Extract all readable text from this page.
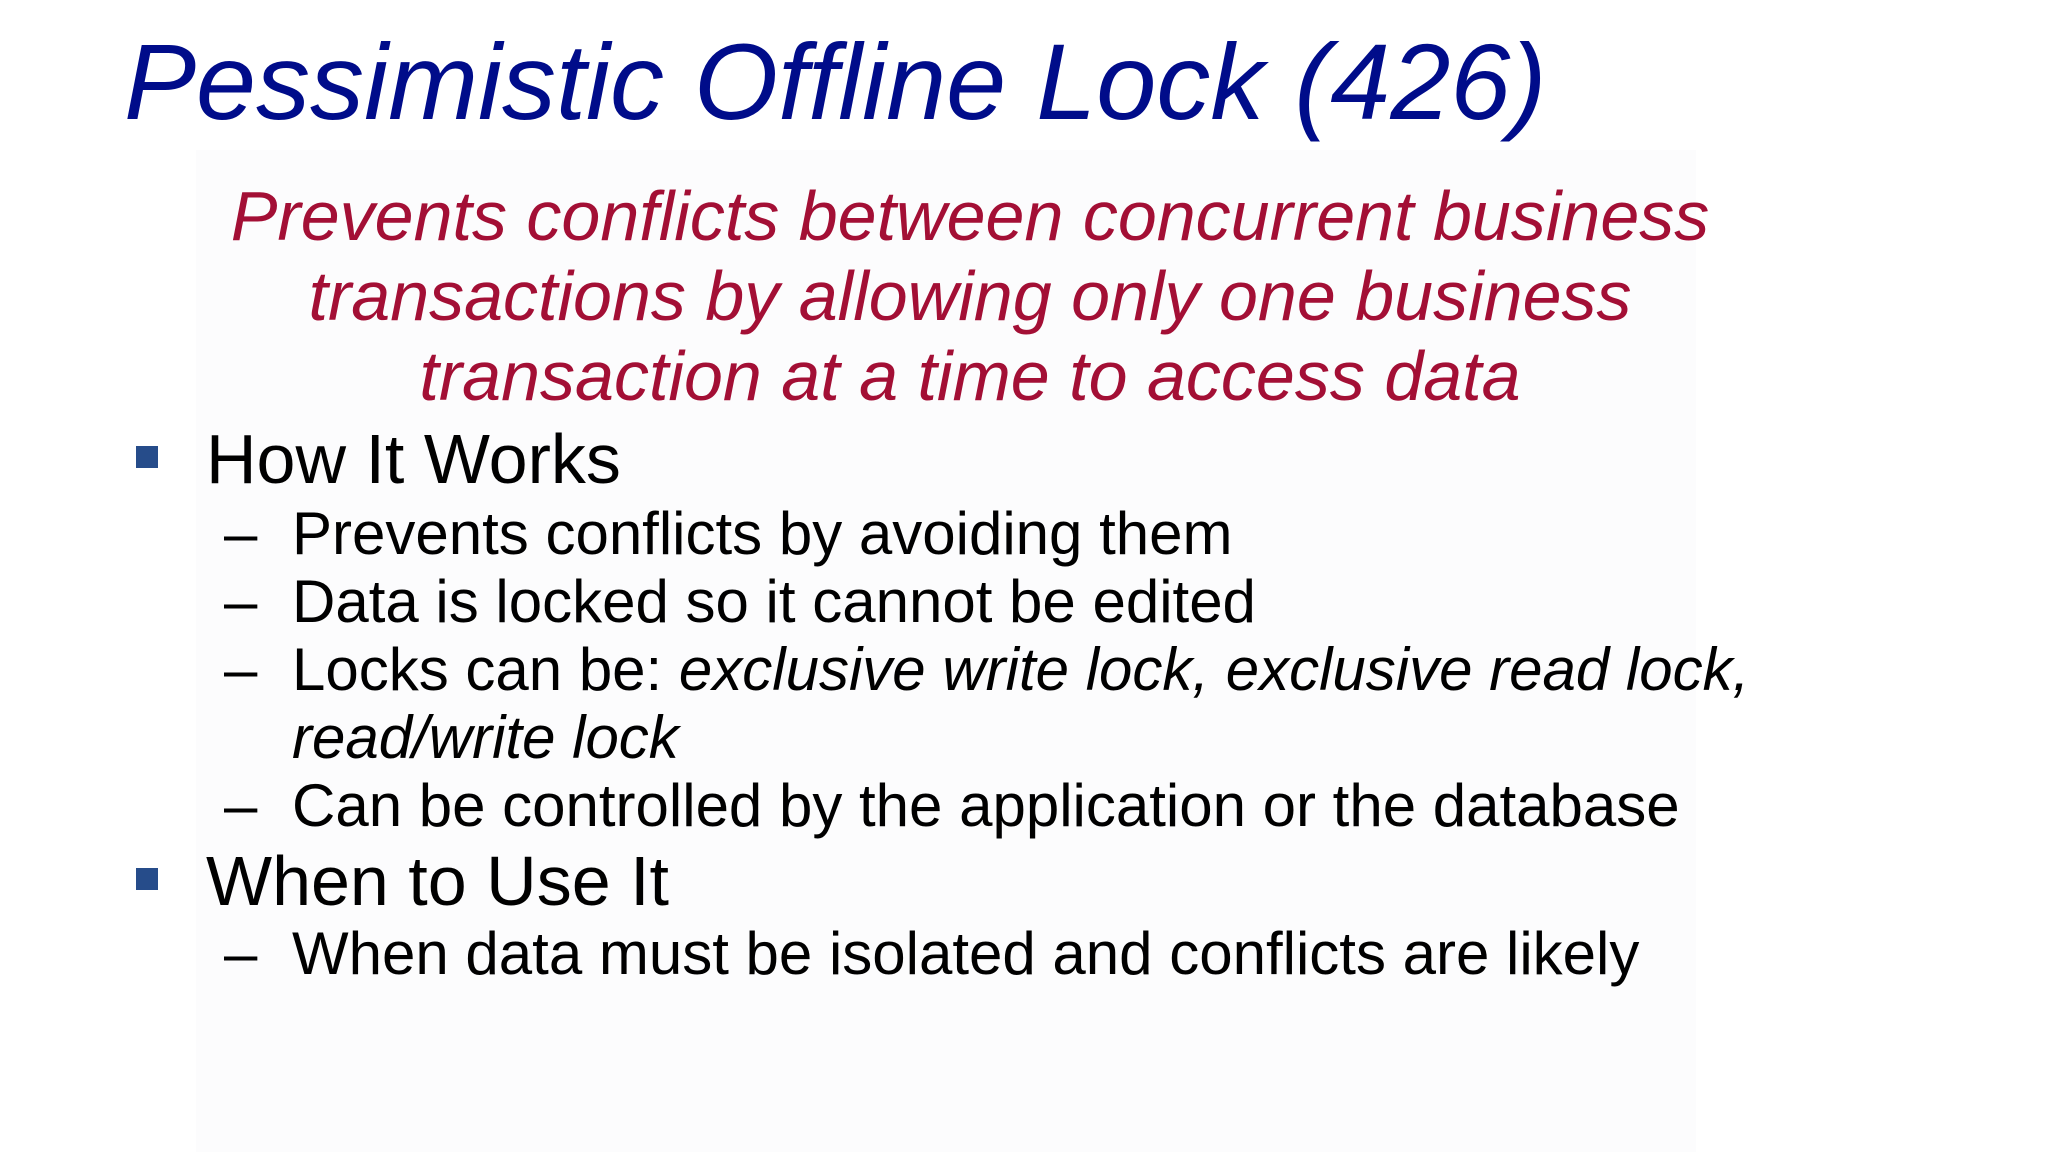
Pessimistic Offline Lock (426)

Prevents conflicts between concurrent business
transactions by allowing only one business
transaction at a time to access data

How It Works
– Prevents conflicts by avoiding them
– Data is locked so it cannot be edited
– Locks can be: exclusive write lock, exclusive read lock,
read/write lock
– Can be controlled by the application or the database
When to Use It
– When data must be isolated and conflicts are likely
